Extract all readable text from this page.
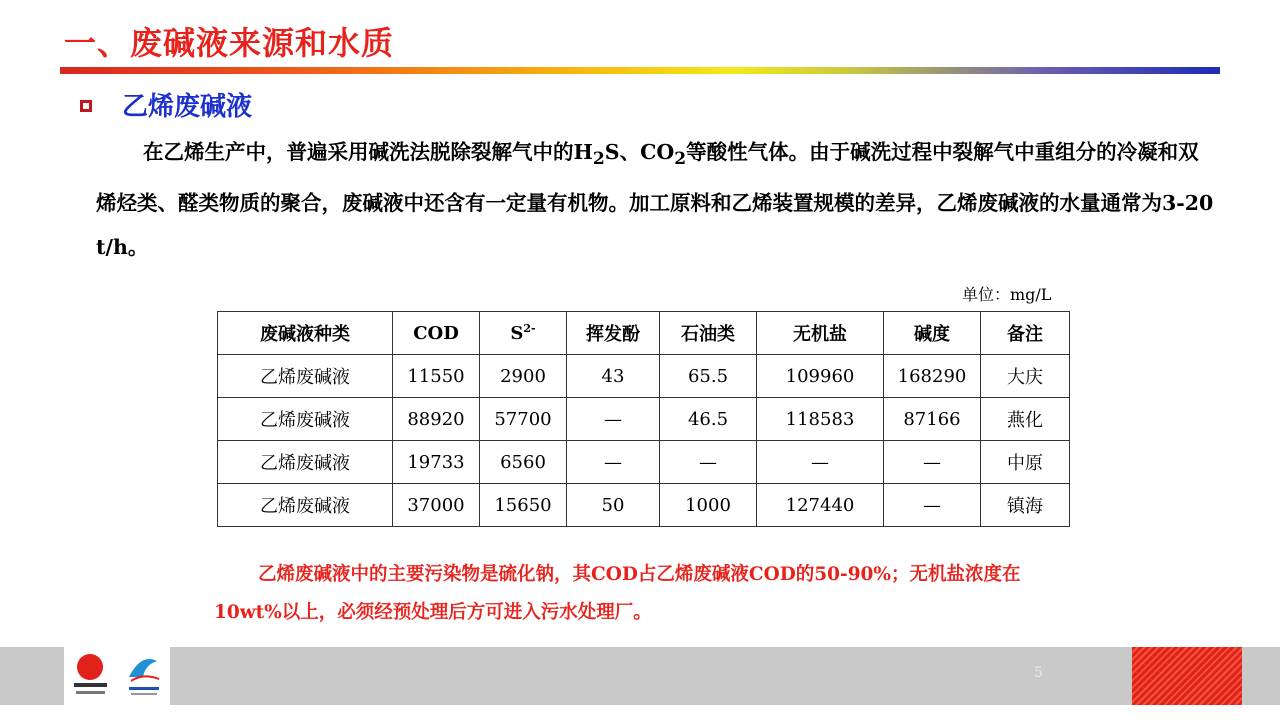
一、废碱液来源和水质
乙烯废碱液
在乙烯生产中，普遍采用碱洗法脱除裂解气中的$H_2S$、$CO_2$等酸性气体。由于碱洗过程中裂解气中重组分的冷凝和双烯烃类、醛类物质的聚合，废碱液中还含有一定量有机物。加工原料和乙烯装置规模的差异，乙烯废碱液的水量通常为3-20 t/h。
单位：mg/L
废碱液种类	COD	$S^{2-}$	挥发酚	石油类	无机盐	碱度	备注
乙烯废碱液	11550	2900	43	65.5	109960	168290	大庆
乙烯废碱液	88920	57700	—	46.5	118583	87166	燕化
乙烯废碱液	19733	6560	—	—	—	—	中原
乙烯废碱液	37000	15650	50	1000	127440	—	镇海
乙烯废碱液中的主要污染物是硫化钠，其COD占乙烯废碱液COD的50-90%；无机盐浓度在10wt%以上，必须经预处理后方可进入污水处理厂。
5
